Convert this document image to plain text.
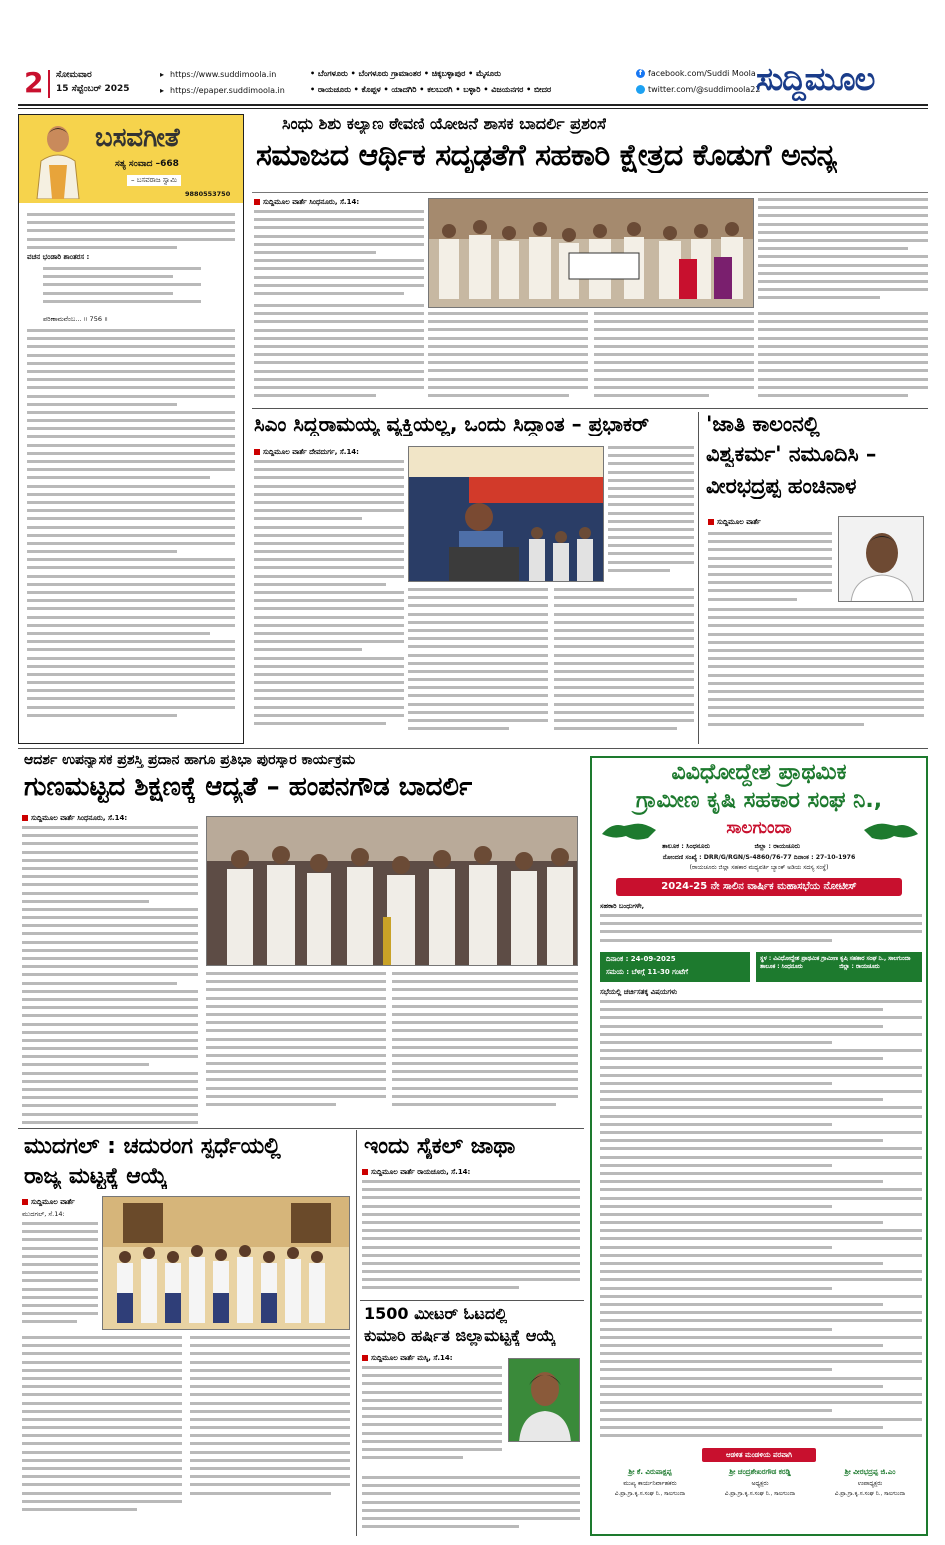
2 ಸೋಮವಾರ
15 ಸೆಪ್ಟೆಂಬರ್ 2025
▸ https://www.suddimoola.in
▸ https://epaper.suddimoola.in
• ಬೆಂಗಳೂರು • ಬೆಂಗಳೂರು ಗ್ರಾಮಾಂತರ • ಚಿಕ್ಕಬಳ್ಳಾಪುರ • ಮೈಸೂರು
• ರಾಯಚೂರು • ಕೊಪ್ಪಳ • ಯಾದಗಿರಿ • ಕಲಬುರಗಿ • ಬಳ್ಳಾರಿ • ವಿಜಯನಗರ • ಬೀದರ
f facebook.com/Suddi Moola
twitter.com/@suddimoola22
ಸುದ್ದಿಮೂಲ
ಬಸವಗೀತೆ
ಸತ್ಯ ಸಂವಾದ –668
– ಬಸವರಾಜ ಸ್ವಾಮಿ
9880553750
ವಚನ ಭಂಡಾರಿ ಶಾಂತರಸ :
ಪರಿಣಾಮವೆಂಬ... ॥ 756 ॥
ಸಿಂಧು ಶಿಶು ಕಲ್ಯಾಣ ಠೇವಣಿ ಯೋಜನೆ ಶಾಸಕ ಬಾದರ್ಲಿ ಪ್ರಶಂಸೆ
ಸಮಾಜದ ಆರ್ಥಿಕ ಸದೃಢತೆಗೆ ಸಹಕಾರಿ ಕ್ಷೇತ್ರದ ಕೊಡುಗೆ ಅನನ್ಯ
ಸುದ್ದಿಮೂಲ ವಾರ್ತೆ ಸಿಂಧನೂರು, ಸೆ.14:
ಸಿಎಂ ಸಿದ್ದರಾಮಯ್ಯ ವ್ಯಕ್ತಿಯಲ್ಲ, ಒಂದು ಸಿದ್ಧಾಂತ – ಪ್ರಭಾಕರ್
ಸುದ್ದಿಮೂಲ ವಾರ್ತೆ ದೇವದುರ್ಗ, ಸೆ.14:
'ಜಾತಿ ಕಾಲಂನಲ್ಲಿ
ವಿಶ್ವಕರ್ಮ' ನಮೂದಿಸಿ –
ವೀರಭದ್ರಪ್ಪ ಹಂಚಿನಾಳ
ಸುದ್ದಿಮೂಲ ವಾರ್ತೆ
ಆದರ್ಶ ಉಪನ್ಯಾಸಕ ಪ್ರಶಸ್ತಿ ಪ್ರದಾನ ಹಾಗೂ ಪ್ರತಿಭಾ ಪುರಸ್ಕಾರ ಕಾರ್ಯಕ್ರಮ
ಗುಣಮಟ್ಟದ ಶಿಕ್ಷಣಕ್ಕೆ ಆದ್ಯತೆ – ಹಂಪನಗೌಡ ಬಾದರ್ಲಿ
ಸುದ್ದಿಮೂಲ ವಾರ್ತೆ ಸಿಂಧನೂರು, ಸೆ.14:
ಮುದಗಲ್ : ಚದುರಂಗ ಸ್ಪರ್ಧೆಯಲ್ಲಿ
ರಾಜ್ಯ ಮಟ್ಟಕ್ಕೆ ಆಯ್ಕೆ
ಸುದ್ದಿಮೂಲ ವಾರ್ತೆ
ಮುದಗಲ್, ಸೆ.14:
ಇಂದು ಸೈಕಲ್ ಜಾಥಾ
ಸುದ್ದಿಮೂಲ ವಾರ್ತೆ ರಾಯಚೂರು, ಸೆ.14:
1500 ಮೀಟರ್ ಓಟದಲ್ಲಿ
ಕುಮಾರಿ ಹರ್ಷಿತ ಜಿಲ್ಲಾಮಟ್ಟಕ್ಕೆ ಆಯ್ಕೆ
ಸುದ್ದಿಮೂಲ ವಾರ್ತೆ ಮಸ್ಕಿ, ಸೆ.14:
ವಿವಿಧೋದ್ದೇಶ ಪ್ರಾಥಮಿಕ
ಗ್ರಾಮೀಣ ಕೃಷಿ ಸಹಕಾರ ಸಂಘ ನಿ.,
ಸಾಲಗುಂದಾ
ತಾಲೂಕ : ಸಿಂಧನೂರು	ಜಿಲ್ಲಾ : ರಾಯಚೂರು
ನೋಂದಣಿ ಸಂಖ್ಯೆ : DRR/G/RGN/S-4860/76-77 ದಿನಾಂಕ : 27-10-1976
(ರಾಯಚೂರು ಜಿಲ್ಲಾ ಸಹಕಾರ ಮಧ್ಯವರ್ತಿ ಬ್ಯಾಂಕ್ ಅಡಿಯ ಸದಸ್ಯ ಸಂಸ್ಥೆ)
2024-25 ನೇ ಸಾಲಿನ ವಾರ್ಷಿಕ ಮಹಾಸಭೆಯ ನೋಟೀಸ್
ಸಹಕಾರಿ ಬಂಧುಗಳೇ,
ದಿನಾಂಕ : 24-09-2025
ಸಮಯ : ಬೆಳಿಗ್ಗೆ 11-30 ಗಂಟೆಗೆ
ಸ್ಥಳ : ವಿವಿಧೋದ್ದೇಶ ಪ್ರಾಥಮಿಕ ಗ್ರಾಮೀಣ ಕೃಷಿ ಸಹಕಾರ ಸಂಘ ನಿ., ಸಾಲಗುಂದಾ
ತಾಲೂಕ : ಸಿಂಧನೂರು                  ಜಿಲ್ಲಾ : ರಾಯಚೂರು
ಸಭೆಯಲ್ಲಿ ಚರ್ಚಿಸತಕ್ಕ ವಿಷಯಗಳು
ಆಡಳಿತ ಮಂಡಳಿಯ ಪರವಾಗಿ
ಶ್ರೀ ಕೆ. ವಿರುಪಾಕ್ಷಪ್ಪ
ಮುಖ್ಯ ಕಾರ್ಯನಿರ್ವಾಹಕರು
ವಿ.ಪ್ರಾ.ಗ್ರಾ.ಕೃ.ಸ.ಸಂಘ ನಿ., ಸಾಲಗುಂದಾ
ಶ್ರೀ ಚಂದ್ರಶೇಖರಗೌಡ ಕರಡ್ಡಿ
ಅಧ್ಯಕ್ಷರು
ವಿ.ಪ್ರಾ.ಗ್ರಾ.ಕೃ.ಸ.ಸಂಘ ನಿ., ಸಾಲಗುಂದಾ
ಶ್ರೀ ವೀರಭದ್ರಪ್ಪ ಜಿ.ಎಂ
ಉಪಾಧ್ಯಕ್ಷರು
ವಿ.ಪ್ರಾ.ಗ್ರಾ.ಕೃ.ಸ.ಸಂಘ ನಿ., ಸಾಲಗುಂದಾ
